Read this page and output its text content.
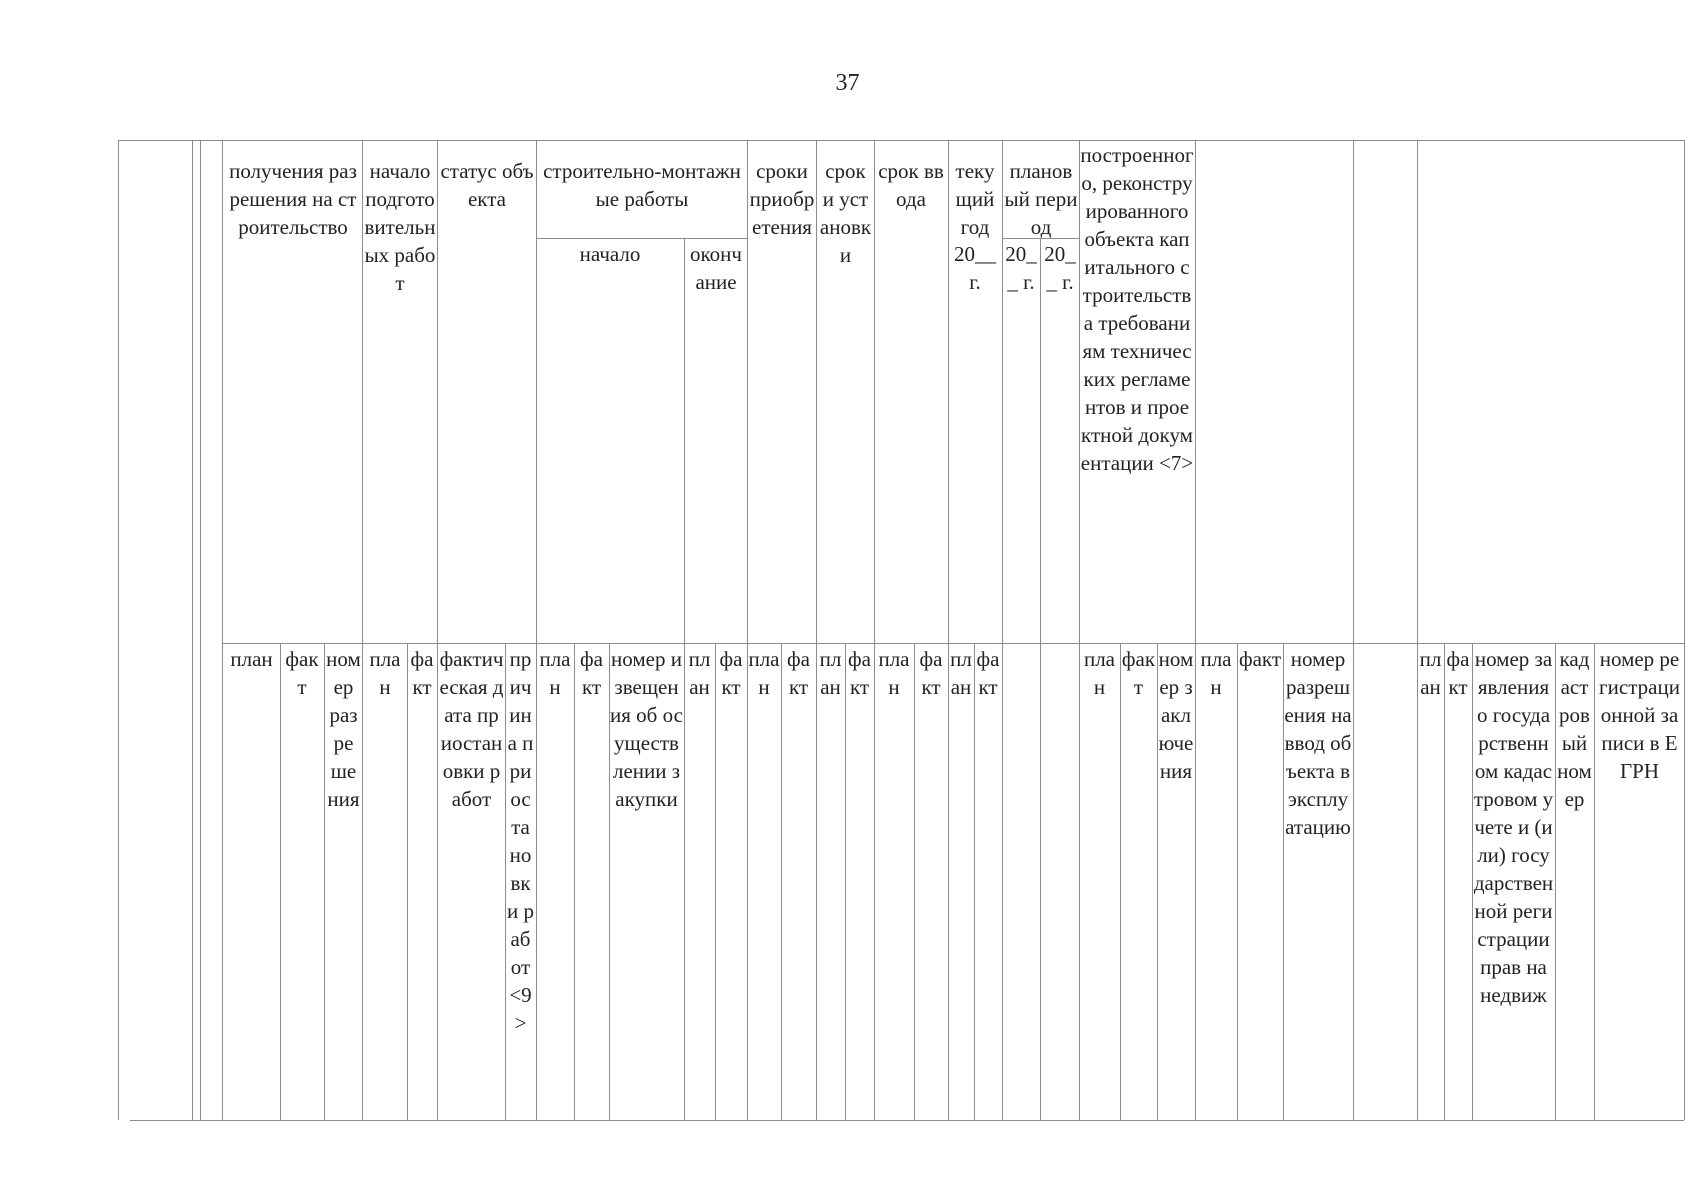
37
получения разрешения на строительство
начало подготовительных работ
статус объекта
строительно-монтажные работы
начало	окончание
сроки приобретения
срок и установки
срок ввода
текущий год
20__ г.
плановый период
20__ г.
20__ г.
построенного, реконструированного объекта капитального строительства требованиям технических регламентов и проектной документации <7>
план факт
номер разрешения
план
факт
фактическая дата приостановки работ
причина приостановки работ <9>
план
факт
номер извещения об осуществлении закупки
план
факт
план
факт
план
факт
план
факт
план
факт
план
факт
номер заключения
план
факт номер разрешения на ввод объекта в эксплуатацию
план
факт
номер заявления о государственном кадастровом учете и (или) государственной регистрации прав на недвиж
кадастровый номер
номер регистрационной записи в ЕГРН
